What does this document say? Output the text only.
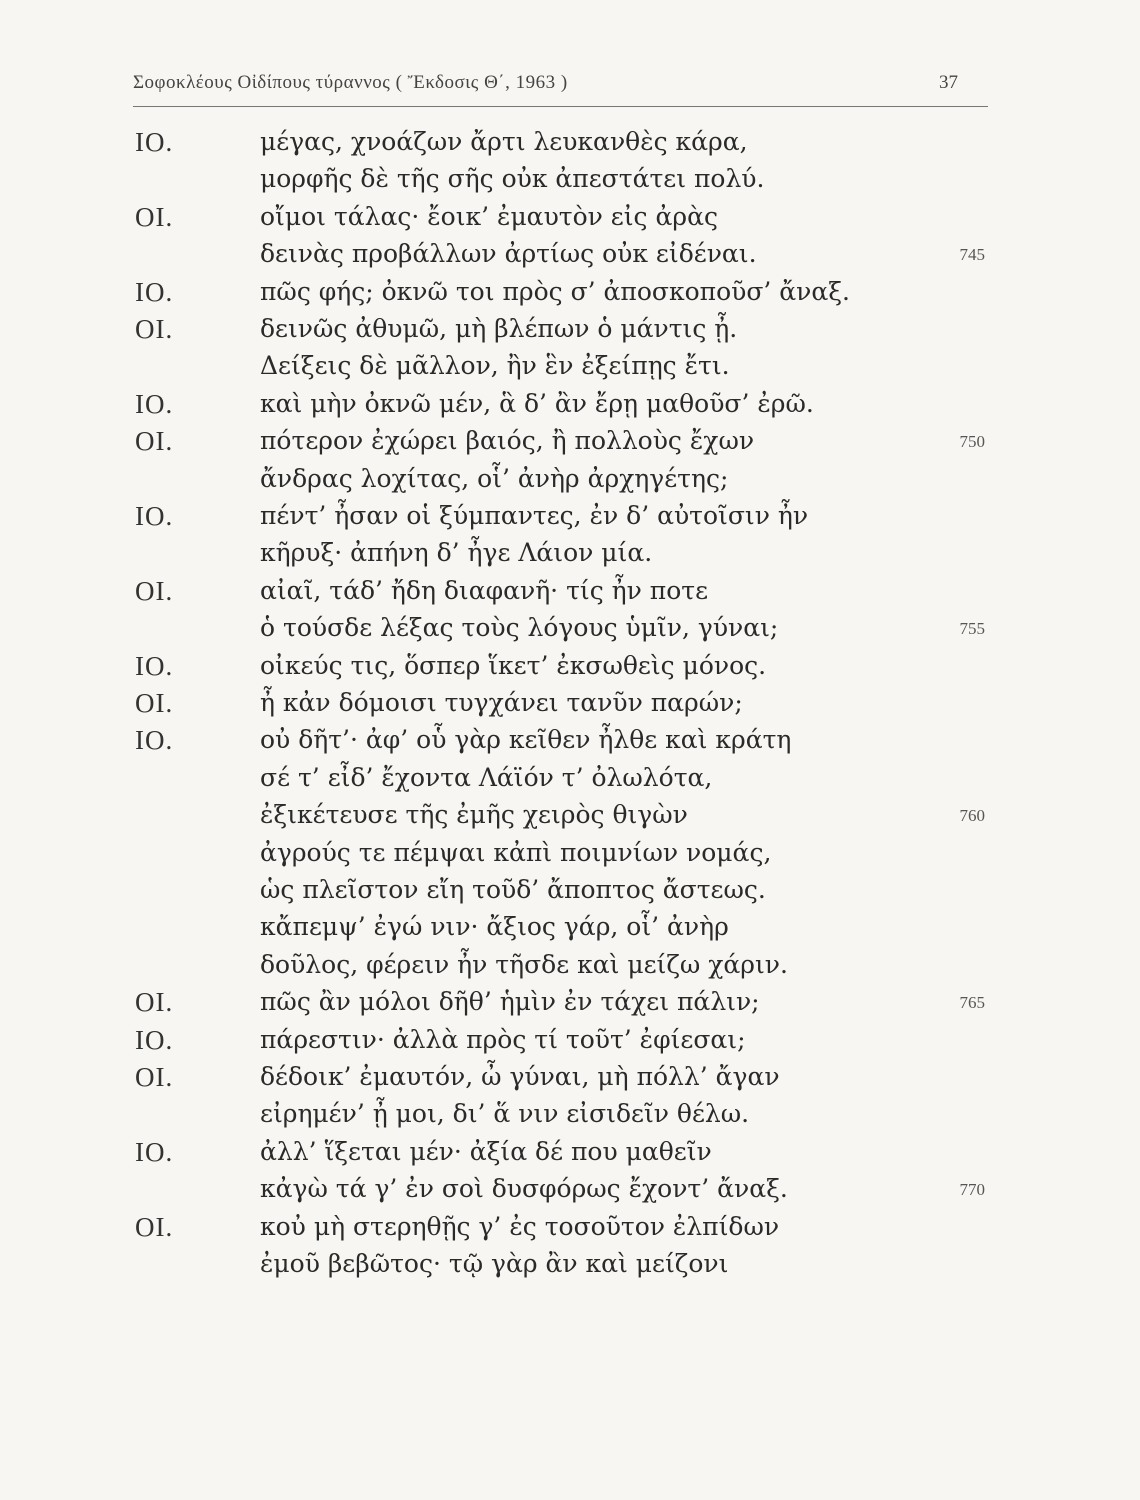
Σοφοκλέους Οἰδίπους τύραννος ( Ἔκδοσις Θ΄, 1963 )	37
ΙΟ.	μέγας, χνοάζων ἄρτι λευκανθὲς κάρα,
μορφῆς δὲ τῆς σῆς οὐκ ἀπεστάτει πολύ.
ΟΙ.	οἴμοι τάλας· ἔοικ’ ἐμαυτὸν εἰς ἀρὰς
δεινὰς προβάλλων ἀρτίως οὐκ εἰδέναι.	745
ΙΟ.	πῶς φής; ὀκνῶ τοι πρὸς σ’ ἀποσκοποῦσ’ ἄναξ.
ΟΙ.	δεινῶς ἀθυμῶ, μὴ βλέπων ὁ μάντις ᾖ.
Δείξεις δὲ μᾶλλον, ἢν ἓν ἐξείπῃς ἔτι.
ΙΟ.	καὶ μὴν ὀκνῶ μέν, ἃ δ’ ἂν ἔρῃ μαθοῦσ’ ἐρῶ.
ΟΙ.	πότερον ἐχώρει βαιός, ἢ πολλοὺς ἔχων	750
ἄνδρας λοχίτας, οἷ’ ἀνὴρ ἀρχηγέτης;
ΙΟ.	πέντ’ ἦσαν οἱ ξύμπαντες, ἐν δ’ αὐτοῖσιν ἦν
κῆρυξ· ἀπήνη δ’ ἦγε Λάιον μία.
ΟΙ.	αἰαῖ, τάδ’ ἤδη διαφανῆ· τίς ἦν ποτε
ὁ τούσδε λέξας τοὺς λόγους ὑμῖν, γύναι;	755
ΙΟ.	οἰκεύς τις, ὅσπερ ἵκετ’ ἐκσωθεὶς μόνος.
ΟΙ.	ἦ κἀν δόμοισι τυγχάνει τανῦν παρών;
ΙΟ.	οὐ δῆτ’· ἀφ’ οὗ γὰρ κεῖθεν ἦλθε καὶ κράτη
σέ τ’ εἶδ’ ἔχοντα Λάϊόν τ’ ὀλωλότα,
ἐξικέτευσε τῆς ἐμῆς χειρὸς θιγὼν	760
ἀγρούς τε πέμψαι κἀπὶ ποιμνίων νομάς,
ὡς πλεῖστον εἴη τοῦδ’ ἄποπτος ἄστεως.
κἄπεμψ’ ἐγώ νιν· ἄξιος γάρ, οἷ’ ἀνὴρ
δοῦλος, φέρειν ἦν τῆσδε καὶ μείζω χάριν.
ΟΙ.	πῶς ἂν μόλοι δῆθ’ ἡμὶν ἐν τάχει πάλιν;	765
ΙΟ.	πάρεστιν· ἀλλὰ πρὸς τί τοῦτ’ ἐφίεσαι;
ΟΙ.	δέδοικ’ ἐμαυτόν, ὦ γύναι, μὴ πόλλ’ ἄγαν
εἰρημέν’ ᾖ μοι, δι’ ἅ νιν εἰσιδεῖν θέλω.
ΙΟ.	ἀλλ’ ἵξεται μέν· ἀξία δέ που μαθεῖν
κἀγὼ τά γ’ ἐν σοὶ δυσφόρως ἔχοντ’ ἄναξ.	770
ΟΙ.	κοὐ μὴ στερηθῇς γ’ ἐς τοσοῦτον ἐλπίδων
ἐμοῦ βεβῶτος· τῷ γὰρ ἂν καὶ μείζονι
